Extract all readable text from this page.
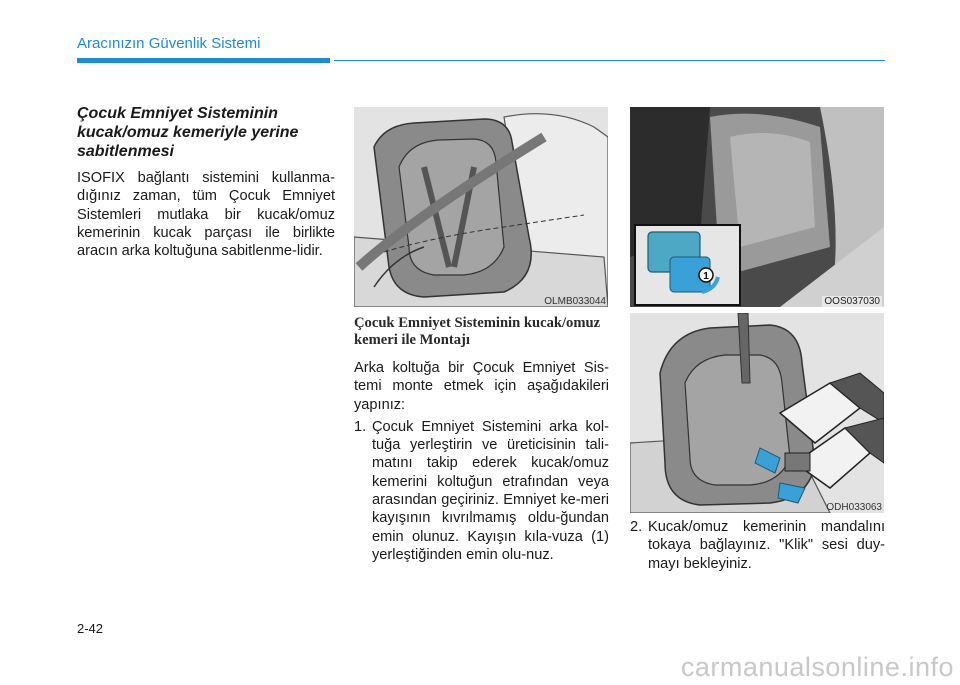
Aracınızın Güvenlik Sistemi
Çocuk Emniyet Sisteminin kucak/omuz kemeriyle yerine sabitlenmesi

ISOFIX bağlantı sistemini kullanma-dığınız zaman, tüm Çocuk Emniyet Sistemleri mutlaka bir kucak/omuz kemerinin kucak parçası ile birlikte aracın arka koltuğuna sabitlenme-lidir.

OLMB033044
1
OOS037030
ODH033063
Çocuk Emniyet Sisteminin kucak/omuz kemeri ile Montajı

Arka koltuğa bir Çocuk Emniyet Sis-temi monte etmek için aşağıdakileri yapınız:

1. Çocuk Emniyet Sistemini arka kol-tuğa yerleştirin ve üreticisinin tali-matını takip ederek kucak/omuz kemerini koltuğun etrafından veya arasından geçiriniz. Emniyet ke-meri kayışının kıvrılmamış oldu-ğundan emin olunuz. Kayışın kıla-vuza (1) yerleştiğinden emin olu-nuz.
2. Kucak/omuz kemerinin mandalını tokaya bağlayınız. "Klik" sesi duy-mayı bekleyiniz.
2-42
carmanualsonline.info
